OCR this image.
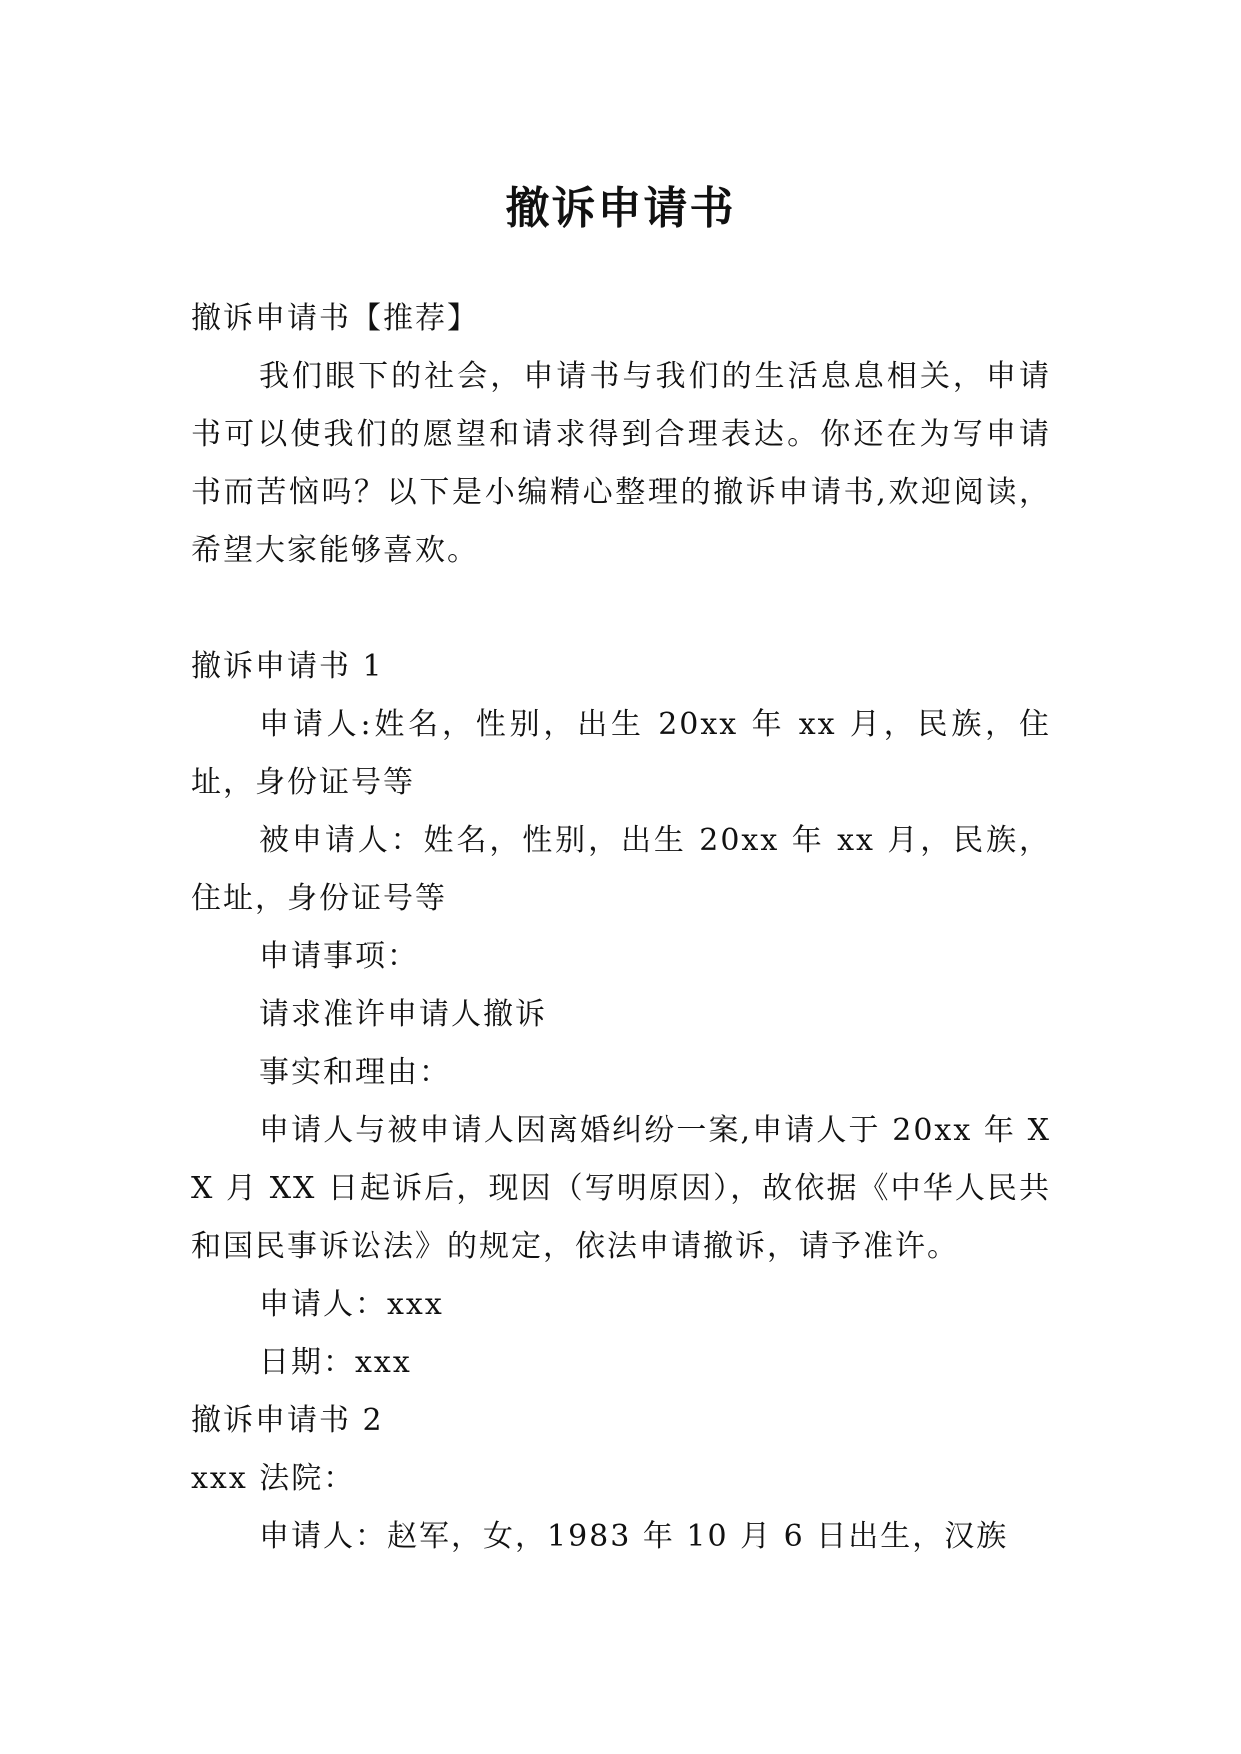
撤诉申请书

撤诉申请书【推荐】

我们眼下的社会，申请书与我们的生活息息相关，申请书可以使我们的愿望和请求得到合理表达。你还在为写申请书而苦恼吗？以下是小编精心整理的撤诉申请书,欢迎阅读，希望大家能够喜欢。

撤诉申请书 1

申请人:姓名，性别，出生 20xx 年 xx 月，民族，住址，身份证号等

被申请人：姓名，性别，出生 20xx 年 xx 月，民族，住址，身份证号等

申请事项：

请求准许申请人撤诉

事实和理由：

申请人与被申请人因离婚纠纷一案,申请人于 20xx 年 XX 月 XX 日起诉后，现因（写明原因），故依据《中华人民共和国民事诉讼法》的规定，依法申请撤诉，请予准许。

申请人：xxx

日期：xxx

撤诉申请书 2

xxx 法院：

申请人：赵军，女，1983 年 10 月 6 日出生，汉族
